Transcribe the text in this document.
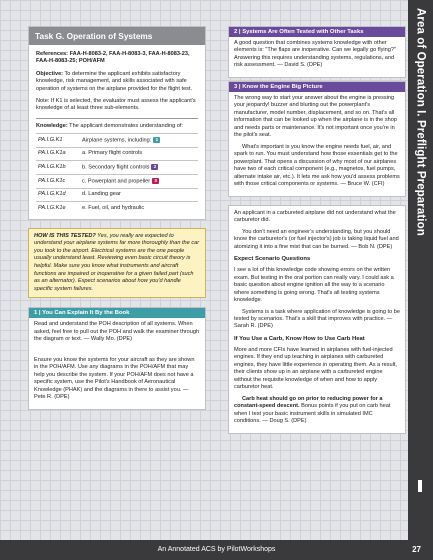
Area of Operation I. Preflight Preparation
Task G. Operation of Systems

References: FAA-H-8083-2, FAA-H-8083-3, FAA-H-8083-23, FAA-H-8083-25; POH/AFM

Objective: To determine the applicant exhibits satisfactory knowledge, risk management, and skills associated with safe operation of systems on the airplane provided for the flight test.

Note: If K1 is selected, the evaluator must assess the applicant's knowledge of at least three sub-elements.

Knowledge: The applicant demonstrates understanding of:

PA.I.G.K1	Airplane systems, including: 1
PA.I.G.K1a	a. Primary flight controls
PA.I.G.K1b	b. Secondary flight controls 2
PA.I.G.K1c	c. Powerplant and propeller 3
PA.I.G.K1d	d. Landing gear
PA.I.G.K1e	e. Fuel, oil, and hydraulic
HOW IS THIS TESTED? Yes, you really are expected to understand your airplane systems far more thoroughly than the car you took to the airport. Electrical systems are the one people usually understand least. Reviewing even basic circuit theory is helpful. Make sure you know what instruments and aircraft functions are impaired or inoperative for a given failed part (such as an alternator). Expect scenarios about how you'd handle specific system failures.
1 | You Can Explain It By the Book

Read and understand the POH description of all systems. When asked, feel free to pull out the POH and walk the examiner through the diagram or text. — Wally Mo. (DPE)

Ensure you know the systems for your aircraft as they are shown in the POH/AFM. Use any diagrams in the POH/AFM that may help you describe the system. If your POH/AFM does not have a specific system, use the Pilot's Handbook of Aeronautical Knowledge (PHAK) and the diagrams in there to assist you. — Pete R. (DPE)

2 | Systems Are Often Tested with Other Tasks

A good question that combines systems knowledge with other elements is: "The flaps are inoperative. Can we legally go flying?" Answering this requires understanding systems, regulations, and risk assessment. — David S. (DPE)

3 | Know the Engine Big Picture

The wrong way to start your answer about the engine is pressing your jeopardy! buzzer and blurting out the powerplant's manufacturer, model number, displacement, and so on. That's all information that can be looked up when the airplane is in the shop and needs parts or maintenance. It's not important once you're in the pilot's seat.

What's important is you know the engine needs fuel, air, and spark to run. You must understand how those essentials get to the powerplant. That opens a discussion of why most of our airplanes have two of each critical component (e.g., magnetos, fuel pumps, alternate intake air, etc.). It lets me ask how you'd assess problems with those critical components or systems. — Bruce W. (CFI)

An applicant in a carbureted airplane did not understand what the carburetor did.

You don't need an engineer's understanding, but you should know the carburetor's (or fuel injector's) job is taking liquid fuel and atomizing it into a fine mist that can be burned. — Bob N. (DPE)

Expect Scenario Questions

I see a lot of this knowledge code showing errors on the written exam. But testing in the oral portion can really vary. I could ask a basic question about engine ignition all the way to a scenario where something is going wrong. That's all testing systems knowledge.

Systems is a task where application of knowledge is going to be tested by scenarios. That's a skill that improves with practice. — Sarah R. (DPE)

If You Use a Carb, Know How to Use Carb Heat

More and more CFIs have learned in airplanes with fuel-injected engines. If they end up teaching in airplanes with carbureted engines, they have little experience in operating them. As a result, their clients show up in an airplane with a carbureted engine without the requisite knowledge of when and how to apply carburetor heat.

Carb heat should go on prior to reducing power for a constant-speed descent. Bonus points if you put on carb heat when I test your basic instrument skills in simulated IMC conditions. — Doug S. (DPE)

An Annotated ACS by PilotWorkshops	27
